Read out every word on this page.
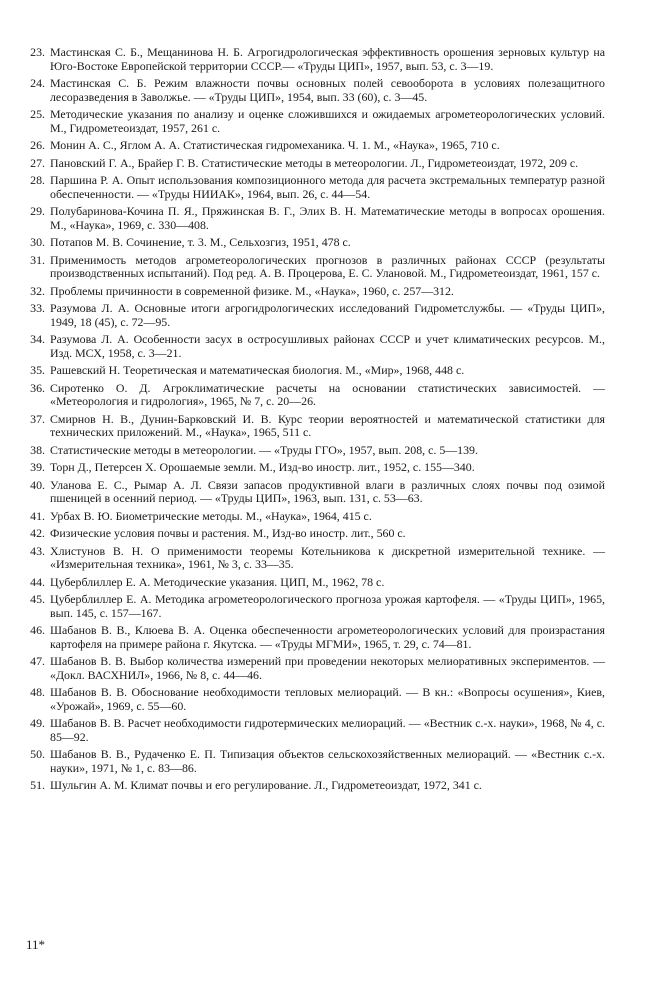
23. Мастинская С. Б., Мещанинова Н. Б. Агрогидрологическая эффективность орошения зерновых культур на Юго-Востоке Европейской территории СССР.— «Труды ЦИП», 1957, вып. 53, с. 3—19.
24. Мастинская С. Б. Режим влажности почвы основных полей севооборота в условиях полезащитного лесоразведения в Заволжье. — «Труды ЦИП», 1954, вып. 33 (60), с. 3—45.
25. Методические указания по анализу и оценке сложившихся и ожидаемых агрометеорологических условий. М., Гидрометеоиздат, 1957, 261 с.
26. Монин А. С., Яглом А. А. Статистическая гидромеханика. Ч. 1. М., «Наука», 1965, 710 с.
27. Пановский Г. А., Брайер Г. В. Статистические методы в метеорологии. Л., Гидрометеоиздат, 1972, 209 с.
28. Паршина Р. А. Опыт использования композиционного метода для расчета экстремальных температур разной обеспеченности. — «Труды НИИАК», 1964, вып. 26, с. 44—54.
29. Полубаринова-Кочина П. Я., Пряжинская В. Г., Элих В. Н. Математические методы в вопросах орошения. М., «Наука», 1969, с. 330—408.
30. Потапов М. В. Сочинение, т. 3. М., Сельхозгиз, 1951, 478 с.
31. Применимость методов агрометеорологических прогнозов в различных районах СССР (результаты производственных испытаний). Под ред. А. В. Процерова, Е. С. Улановой. М., Гидрометеоиздат, 1961, 157 с.
32. Проблемы причинности в современной физике. М., «Наука», 1960, с. 257—312.
33. Разумова Л. А. Основные итоги агрогидрологических исследований Гидрометслужбы. — «Труды ЦИП», 1949, 18 (45), с. 72—95.
34. Разумова Л. А. Особенности засух в остросушливых районах СССР и учет климатических ресурсов. М., Изд. МСХ, 1958, с. 3—21.
35. Рашевский Н. Теоретическая и математическая биология. М., «Мир», 1968, 448 с.
36. Сиротенко О. Д. Агроклиматические расчеты на основании статистических зависимостей. — «Метеорология и гидрология», 1965, № 7, с. 20—26.
37. Смирнов Н. В., Дунин-Барковский И. В. Курс теории вероятностей и математической статистики для технических приложений. М., «Наука», 1965, 511 с.
38. Статистические методы в метеорологии. — «Труды ГГО», 1957, вып. 208, с. 5—139.
39. Торн Д., Петерсен Х. Орошаемые земли. М., Изд-во иностр. лит., 1952, с. 155—340.
40. Уланова Е. С., Рымар А. Л. Связи запасов продуктивной влаги в различных слоях почвы под озимой пшеницей в осенний период. — «Труды ЦИП», 1963, вып. 131, с. 53—63.
41. Урбах В. Ю. Биометрические методы. М., «Наука», 1964, 415 с.
42. Физические условия почвы и растения. М., Изд-во иностр. лит., 560 с.
43. Хлистунов В. Н. О применимости теоремы Котельникова к дискретной измерительной технике. — «Измерительная техника», 1961, № 3, с. 33—35.
44. Цуберблиллер Е. А. Методические указания. ЦИП, М., 1962, 78 с.
45. Цуберблиллер Е. А. Методика агрометеорологического прогноза урожая картофеля. — «Труды ЦИП», 1965, вып. 145, с. 157—167.
46. Шабанов В. В., Клюева В. А. Оценка обеспеченности агрометеорологических условий для произрастания картофеля на примере района г. Якутска. — «Труды МГМИ», 1965, т. 29, с. 74—81.
47. Шабанов В. В. Выбор количества измерений при проведении некоторых мелиоративных экспериментов. — «Докл. ВАСХНИЛ», 1966, № 8, с. 44—46.
48. Шабанов В. В. Обоснование необходимости тепловых мелиораций. — В кн.: «Вопросы осушения», Киев, «Урожай», 1969, с. 55—60.
49. Шабанов В. В. Расчет необходимости гидротермических мелиораций. — «Вестник с.-х. науки», 1968, № 4, с. 85—92.
50. Шабанов В. В., Рудаченко Е. П. Типизация объектов сельскохозяйственных мелиораций. — «Вестник с.-х. науки», 1971, № 1, с. 83—86.
51. Шульгин А. М. Климат почвы и его регулирование. Л., Гидрометеоиздат, 1972, 341 с.
11*
